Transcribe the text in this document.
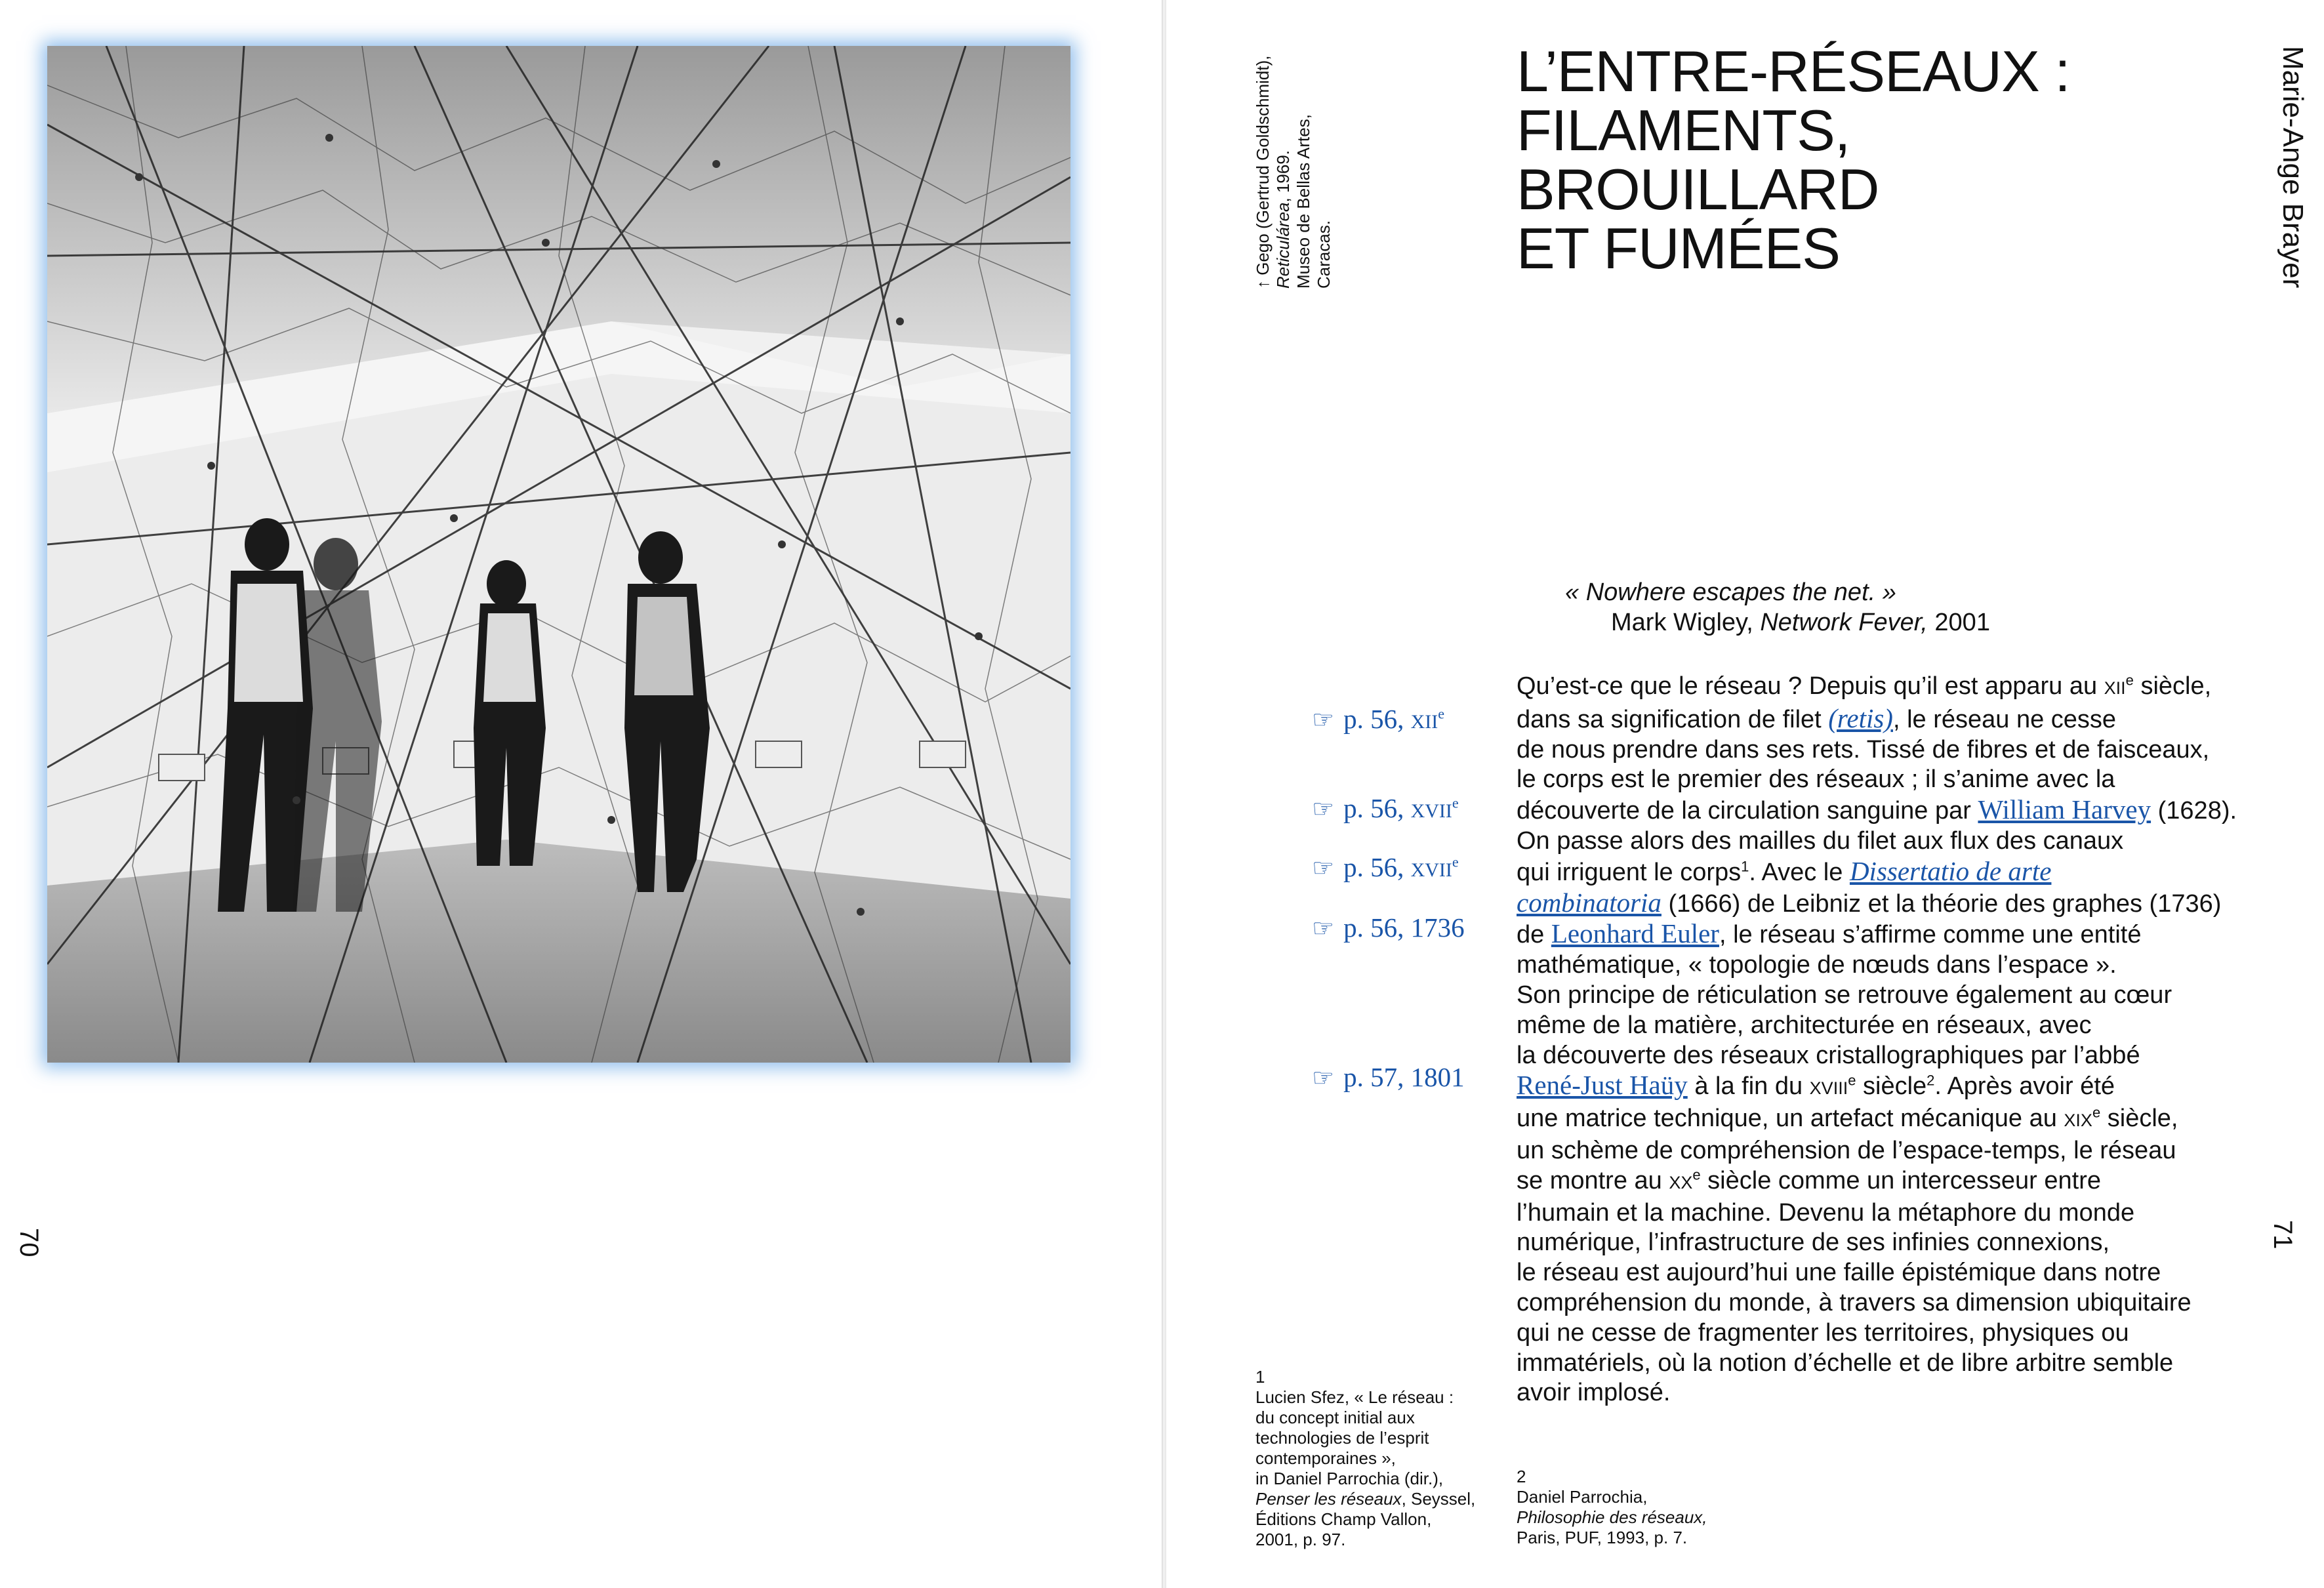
70
↑ Gego (Gertrud Goldschmidt), Reticulárea, 1969. Museo de Bellas Artes, Caracas.	Marie-Ange Brayer
L’ENTRE-RÉSEAUX :
FILAMENTS,
BROUILLARD
ET FUMÉES
« Nowhere escapes the net. »
Mark Wigley, Network Fever, 2001
☞ p. 56, XIIe
☞ p. 56, XVIIe
☞ p. 56, XVIIe
☞ p. 56, 1736
☞ p. 57, 1801
Qu’est-ce que le réseau ? Depuis qu’il est apparu au XIIe siècle,
dans sa signification de filet (retis), le réseau ne cesse
de nous prendre dans ses rets. Tissé de fibres et de faisceaux,
le corps est le premier des réseaux ; il s’anime avec la
découverte de la circulation sanguine par William Harvey (1628).
On passe alors des mailles du filet aux flux des canaux
qui irriguent le corps$^1$. Avec le Dissertatio de arte
combinatoria (1666) de Leibniz et la théorie des graphes (1736)
de Leonhard Euler, le réseau s’affirme comme une entité
mathématique, « topologie de nœuds dans l’espace ».
Son principe de réticulation se retrouve également au cœur
même de la matière, architecturée en réseaux, avec
la découverte des réseaux cristallographiques par l’abbé
René-Just Haüy à la fin du XVIIIe siècle$^2$. Après avoir été
une matrice technique, un artefact mécanique au XIXe siècle,
un schème de compréhension de l’espace-temps, le réseau
se montre au XXe siècle comme un intercesseur entre
l’humain et la machine. Devenu la métaphore du monde
numérique, l’infrastructure de ses infinies connexions,
le réseau est aujourd’hui une faille épistémique dans notre
compréhension du monde, à travers sa dimension ubiquitaire
qui ne cesse de fragmenter les territoires, physiques ou
immatériels, où la notion d’échelle et de libre arbitre semble
avoir implosé.
1
Lucien Sfez, « Le réseau :
du concept initial aux
technologies de l’esprit
contemporaines »,
in Daniel Parrochia (dir.),
Penser les réseaux, Seyssel,
Éditions Champ Vallon,
2001, p. 97.
2
Daniel Parrochia,
Philosophie des réseaux,
Paris, PUF, 1993, p. 7.
71
